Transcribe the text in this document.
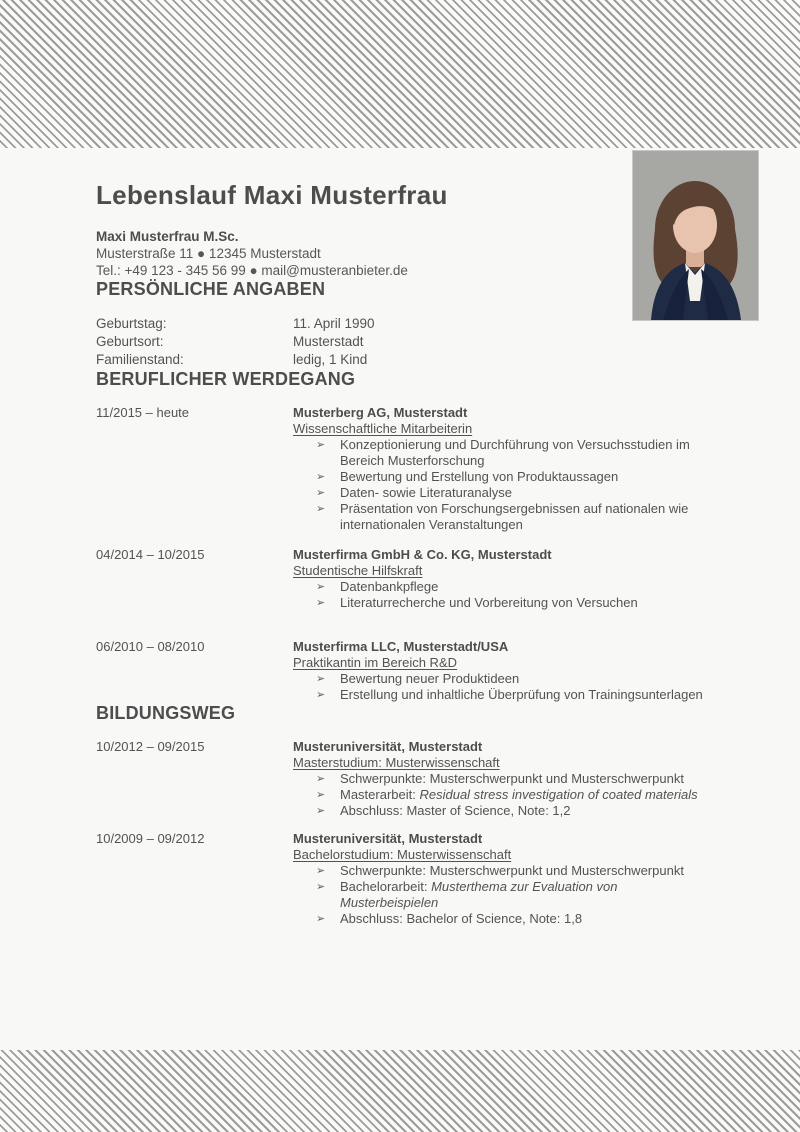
Lebenslauf Maxi Musterfrau
Maxi Musterfrau M.Sc.
Musterstraße 11 ● 12345 Musterstadt
Tel.: +49 123 - 345 56 99 ● mail@musteranbieter.de
PERSÖNLICHE ANGABEN
Geburtstag:	11. April 1990
Geburtsort:	Musterstadt
Familienstand:	ledig, 1 Kind
BERUFLICHER WERDEGANG
11/2015 – heute	Musterberg AG, Musterstadt
Wissenschaftliche Mitarbeiterin
➢	Konzeptionierung und Durchführung von Versuchsstudien im Bereich Musterforschung
➢	Bewertung und Erstellung von Produktaussagen
➢	Daten- sowie Literaturanalyse
➢	Präsentation von Forschungsergebnissen auf nationalen wie internationalen Veranstaltungen
04/2014 – 10/2015	Musterfirma GmbH & Co. KG, Musterstadt
Studentische Hilfskraft
➢	Datenbankpflege
➢	Literaturrecherche und Vorbereitung von Versuchen
06/2010 – 08/2010	Musterfirma LLC, Musterstadt/USA
Praktikantin im Bereich R&D
➢	Bewertung neuer Produktideen
➢	Erstellung und inhaltliche Überprüfung von Trainingsunterlagen
BILDUNGSWEG
10/2012 – 09/2015	Musteruniversität, Musterstadt
Masterstudium: Musterwissenschaft
➢	Schwerpunkte: Musterschwerpunkt und Musterschwerpunkt
➢	Masterarbeit: Residual stress investigation of coated materials
➢	Abschluss: Master of Science, Note: 1,2
10/2009 – 09/2012	Musteruniversität, Musterstadt
Bachelorstudium: Musterwissenschaft
➢	Schwerpunkte: Musterschwerpunkt und Musterschwerpunkt
➢	Bachelorarbeit: Musterthema zur Evaluation von Musterbeispielen
➢	Abschluss: Bachelor of Science, Note: 1,8
